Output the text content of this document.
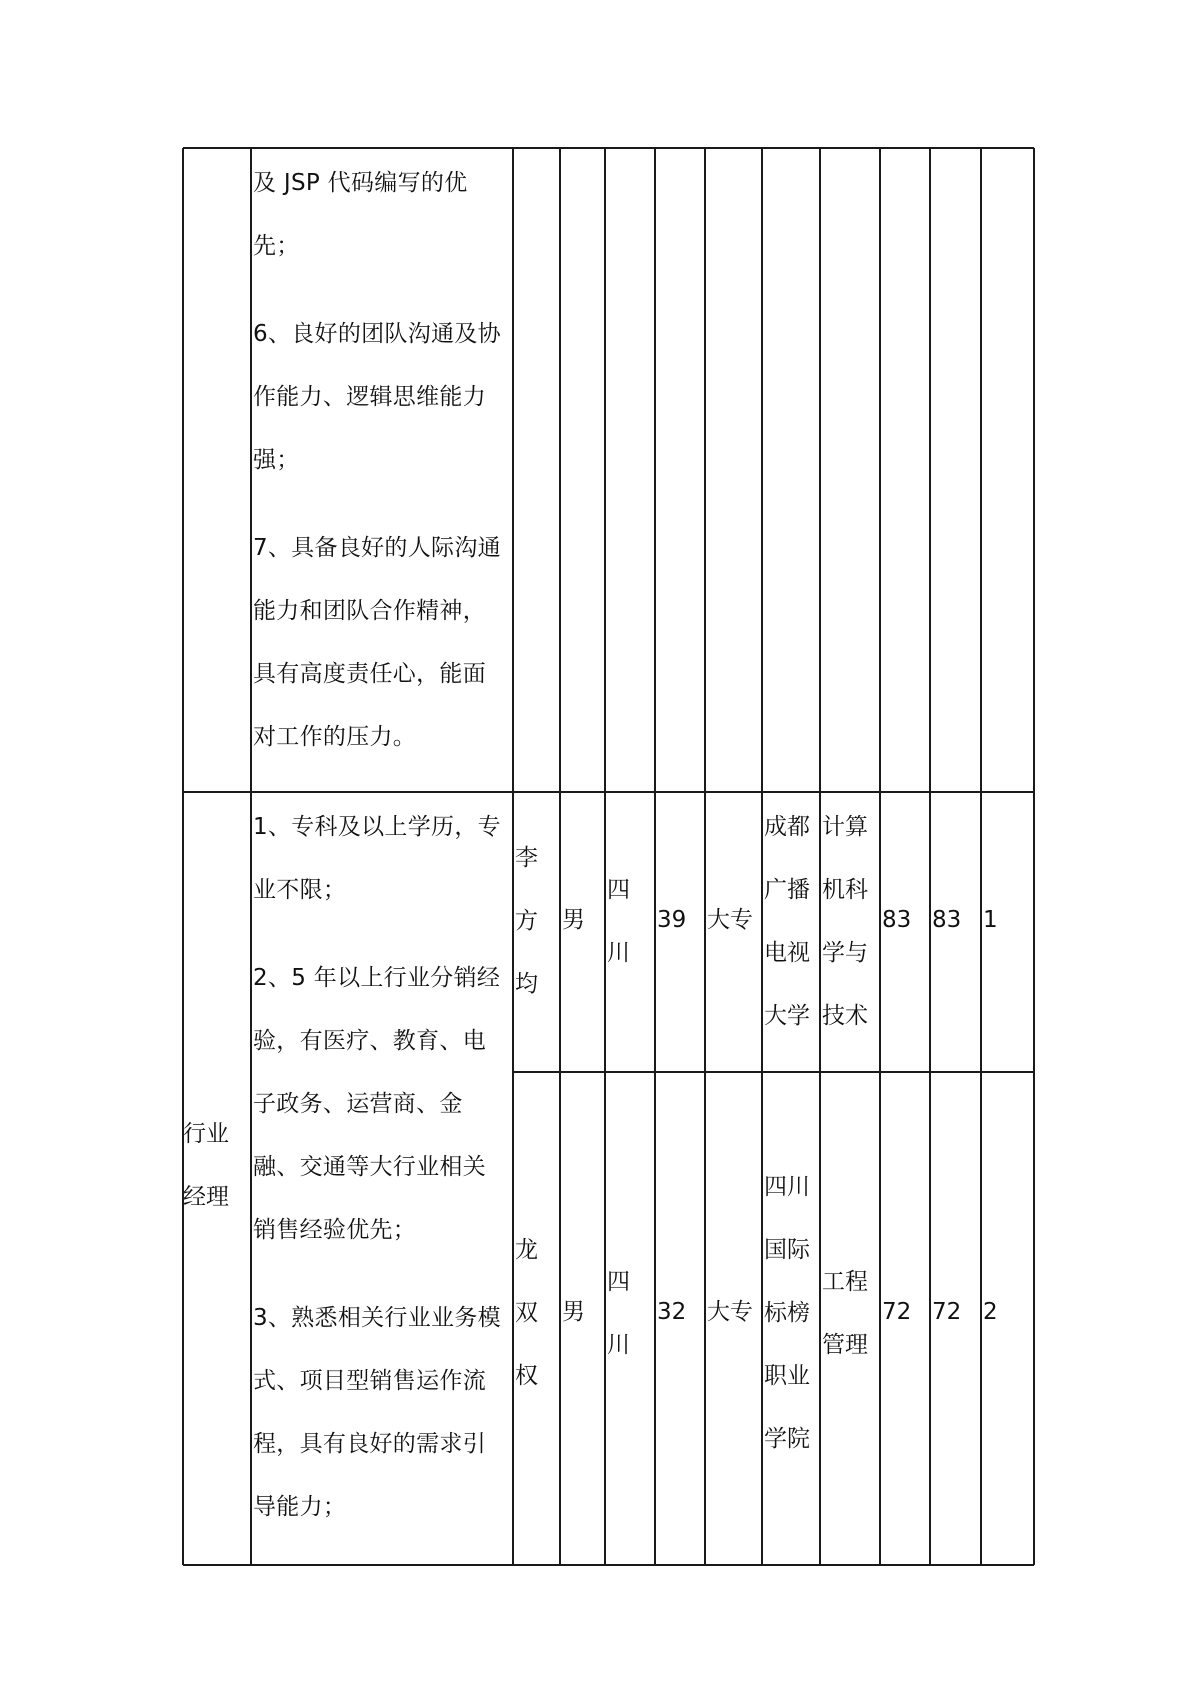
及 JSP 代码编写的优
先；
6、良好的团队沟通及协
作能力、逻辑思维能力
强；
7、具备良好的人际沟通
能力和团队合作精神，
具有高度责任心，能面
对工作的压力。
行业经理
1、专科及以上学历，专
业不限；
2、5 年以上行业分销经
验，有医疗、教育、电
子政务、运营商、金
融、交通等大行业相关
销售经验优先；
3、熟悉相关行业业务模
式、项目型销售运作流
程，具有良好的需求引
导能力；
李方均
男
四川
39 大专
成都广播电视大学
计算机科学与技术
83 83 1
龙双权
男
四川
32 大专
四川国际标榜职业学院
工程管理
72 72 2
